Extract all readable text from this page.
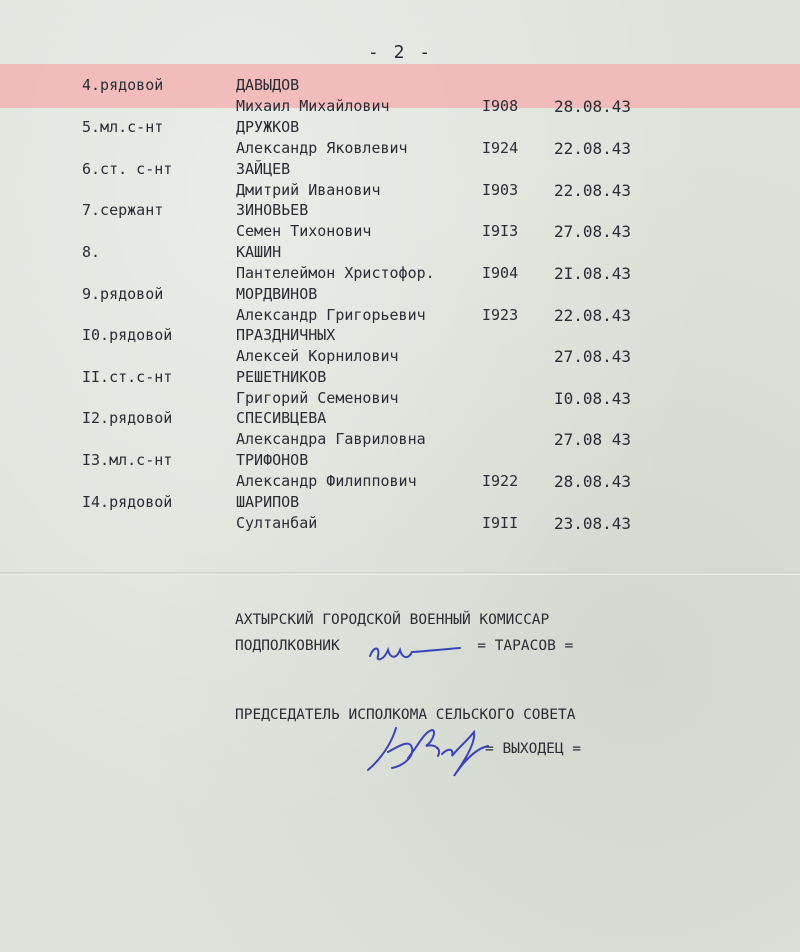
- 2 -
4.рядовой	ДАВЫДОВ
Михаил Михайлович	I908 28.08.43
5.мл.с-нт	ДРУЖКОВ
Александр Яковлевич	I924 22.08.43
6.ст. с-нт	ЗАЙЦЕВ
Дмитрий Иванович	I903 22.08.43
7.сержант	ЗИНОВЬЕВ
Семен Тихонович	I9I3 27.08.43
8.	КАШИН
Пантелеймон Христофор.	I904 2I.08.43
9.рядовой	МОРДВИНОВ
Александр Григорьевич	I923 22.08.43
I0.рядовой	ПРАЗДНИЧНЫХ
Алексей Корнилович	27.08.43
II.ст.с-нт	РЕШЕТНИКОВ
Григорий Семенович	I0.08.43
I2.рядовой	СПЕСИВЦЕВА
Александра Гавриловна	27.08 43
I3.мл.с-нт	ТРИФОНОВ
Александр Филиппович	I922 28.08.43
I4.рядовой	ШАРИПОВ
Султанбай	I9II 23.08.43
АХТЫРСКИЙ ГОРОДСКОЙ ВОЕННЫЙ КОМИССАР
ПОДПОЛКОВНИК	= ТАРАСОВ =
ПРЕДСЕДАТЕЛЬ ИСПОЛКОМА СЕЛЬСКОГО СОВЕТА
= ВЫХОДЕЦ =
